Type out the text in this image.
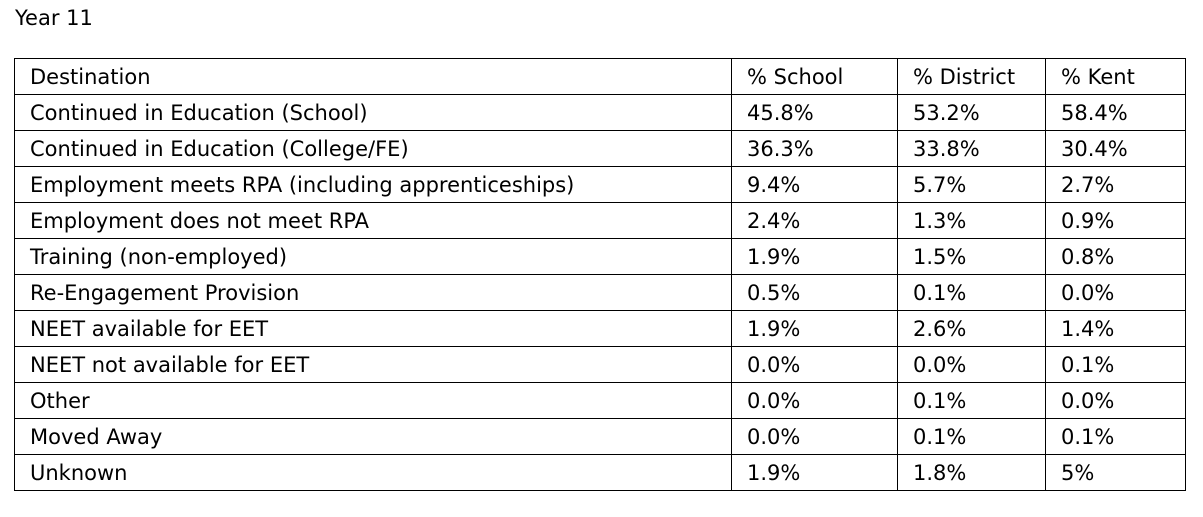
Year 11
Destination	% School	% District	% Kent
Continued in Education (School)	45.8%	53.2%	58.4%
Continued in Education (College/FE)	36.3%	33.8%	30.4%
Employment meets RPA (including apprenticeships)	9.4%	5.7%	2.7%
Employment does not meet RPA	2.4%	1.3%	0.9%
Training (non-employed)	1.9%	1.5%	0.8%
Re-Engagement Provision	0.5%	0.1%	0.0%
NEET available for EET	1.9%	2.6%	1.4%
NEET not available for EET	0.0%	0.0%	0.1%
Other	0.0%	0.1%	0.0%
Moved Away	0.0%	0.1%	0.1%
Unknown	1.9%	1.8%	5%
